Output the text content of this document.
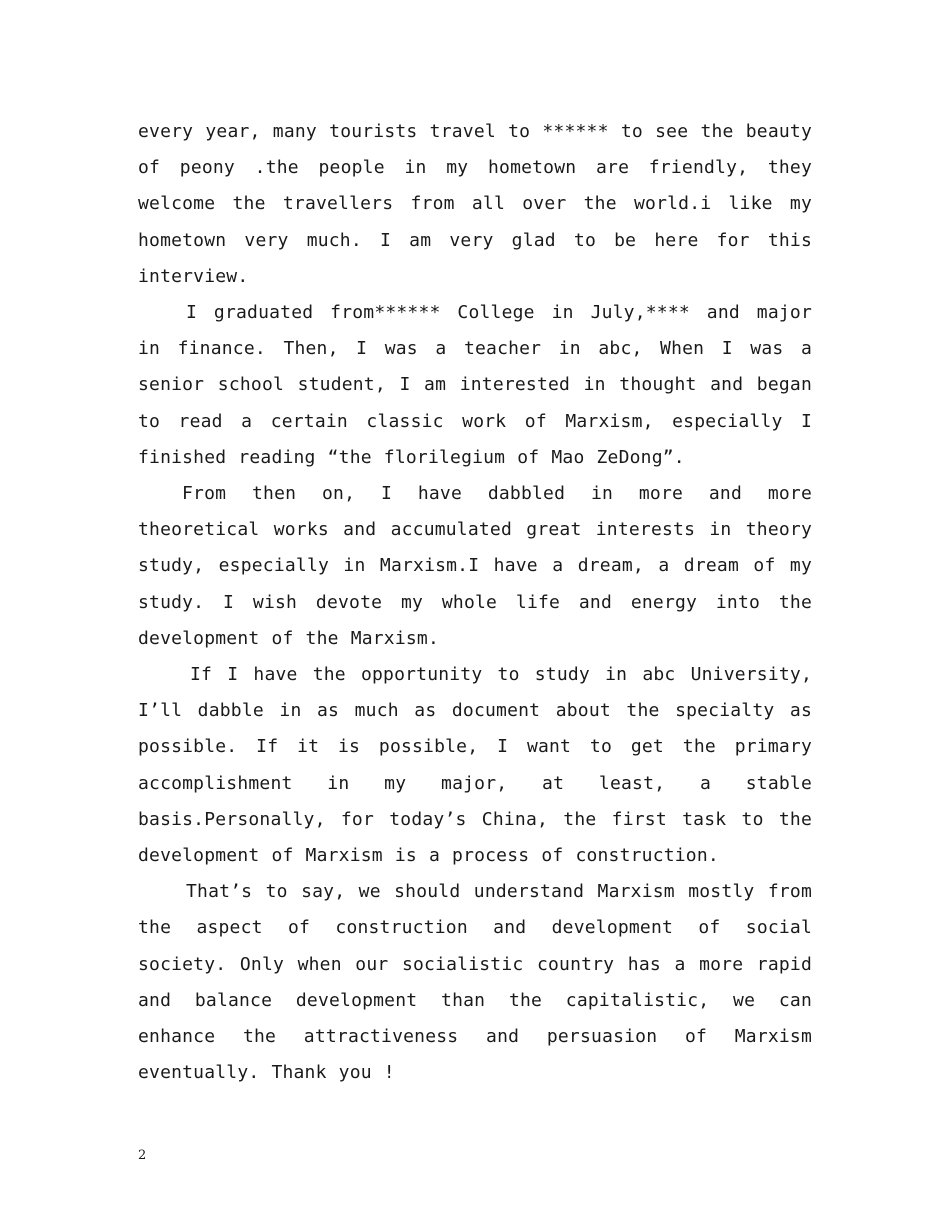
every year, many tourists travel to ****** to see the beauty of peony .the people in my hometown are friendly, they welcome the travellers from all over the world.i like my hometown very much. I am very glad to be here for this interview.

I graduated from****** College in July,**** and major in finance. Then, I was a teacher in abc, When I was a senior school student, I am interested in thought and began to read a certain classic work of Marxism, especially I finished reading “the florilegium of Mao ZeDong”.

From then on, I have dabbled in more and more theoretical works and accumulated great interests in theory study, especially in Marxism.I have a dream, a dream of my study. I wish devote my whole life and energy into the development of the Marxism.

If I have the opportunity to study in abc University, I’ll dabble in as much as document about the specialty as possible. If it is possible, I want to get the primary accomplishment in my major, at least, a stable basis.Personally, for today’s China, the first task to the development of Marxism is a process of construction.

That’s to say, we should understand Marxism mostly from the aspect of construction and development of social society. Only when our socialistic country has a more rapid and balance development than the capitalistic, we can enhance the attractiveness and persuasion of Marxism eventually. Thank you !

2
